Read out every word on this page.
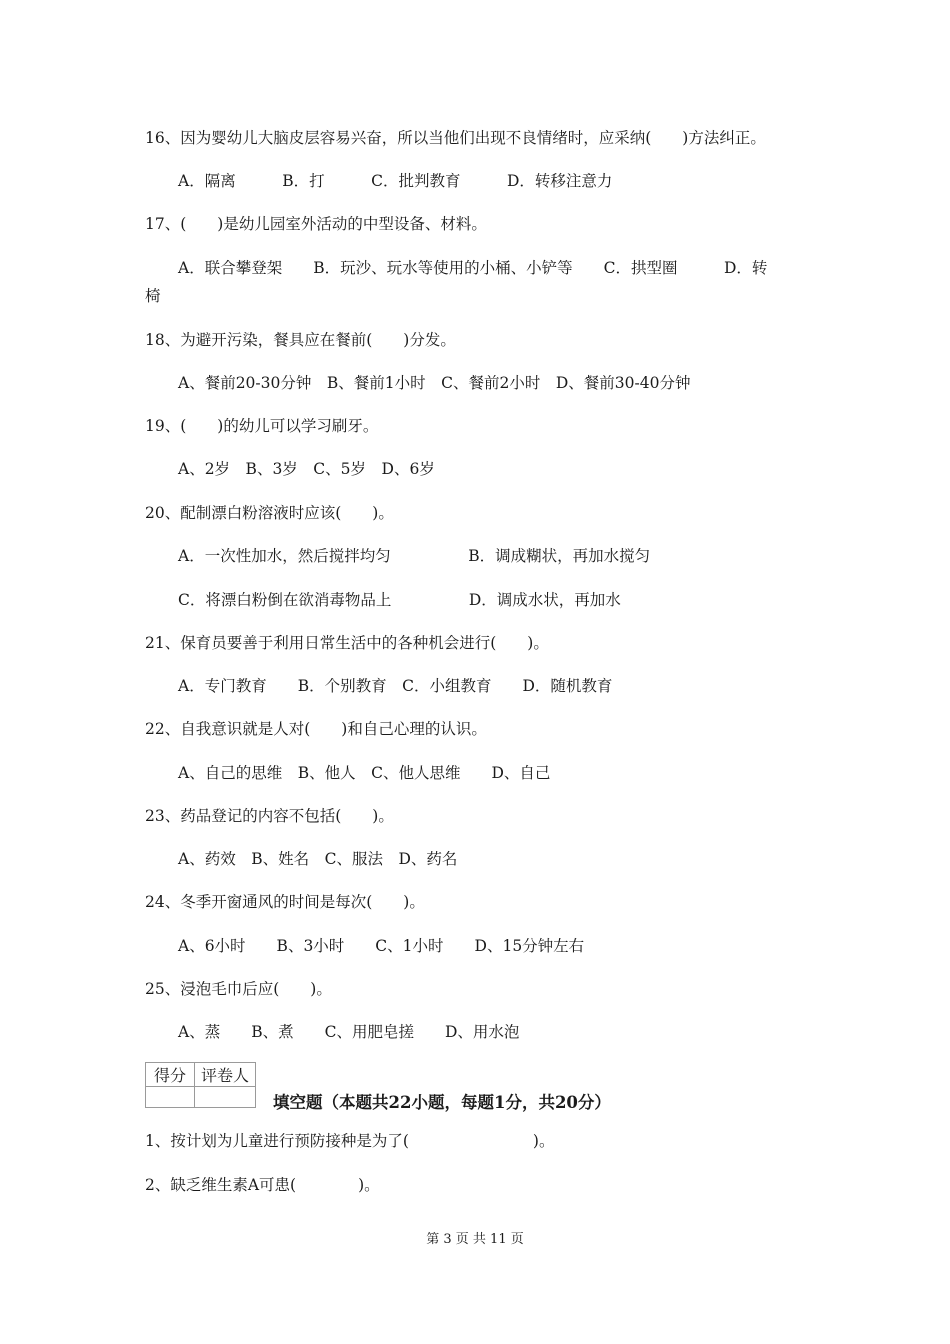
16、因为婴幼儿大脑皮层容易兴奋，所以当他们出现不良情绪时，应采纳(　　)方法纠正。
A．隔离　　　B．打　　　C．批判教育　　　D．转移注意力
17、(　　)是幼儿园室外活动的中型设备、材料。
A．联合攀登架　　B．玩沙、玩水等使用的小桶、小铲等　　C．拱型圈　　　D．转
椅
18、为避开污染，餐具应在餐前(　　)分发。
A、餐前20-30分钟　B、餐前1小时　C、餐前2小时　D、餐前30-40分钟
19、(　　)的幼儿可以学习刷牙。
A、2岁　B、3岁　C、5岁　D、6岁
20、配制漂白粉溶液时应该(　　)。
A．一次性加水，然后搅拌均匀　　　　　B．调成糊状，再加水搅匀
C．将漂白粉倒在欲消毒物品上　　　　　D．调成水状，再加水
21、保育员要善于利用日常生活中的各种机会进行(　　)。
A．专门教育　　B．个别教育　C．小组教育　　D．随机教育
22、自我意识就是人对(　　)和自己心理的认识。
A、自己的思维　B、他人　C、他人思维　　D、自己
23、药品登记的内容不包括(　　)。
A、药效　B、姓名　C、服法　D、药名
24、冬季开窗通风的时间是每次(　　)。
A、6小时　　B、3小时　　C、1小时　　D、15分钟左右
25、浸泡毛巾后应(　　)。
A、蒸　　B、煮　　C、用肥皂搓　　D、用水泡
得分	评卷人

填空题（本题共22小题，每题1分，共20分）
1、按计划为儿童进行预防接种是为了(　　　　　　　　)。
2、缺乏维生素A可患(　　　　)。
第 3 页 共 11 页
